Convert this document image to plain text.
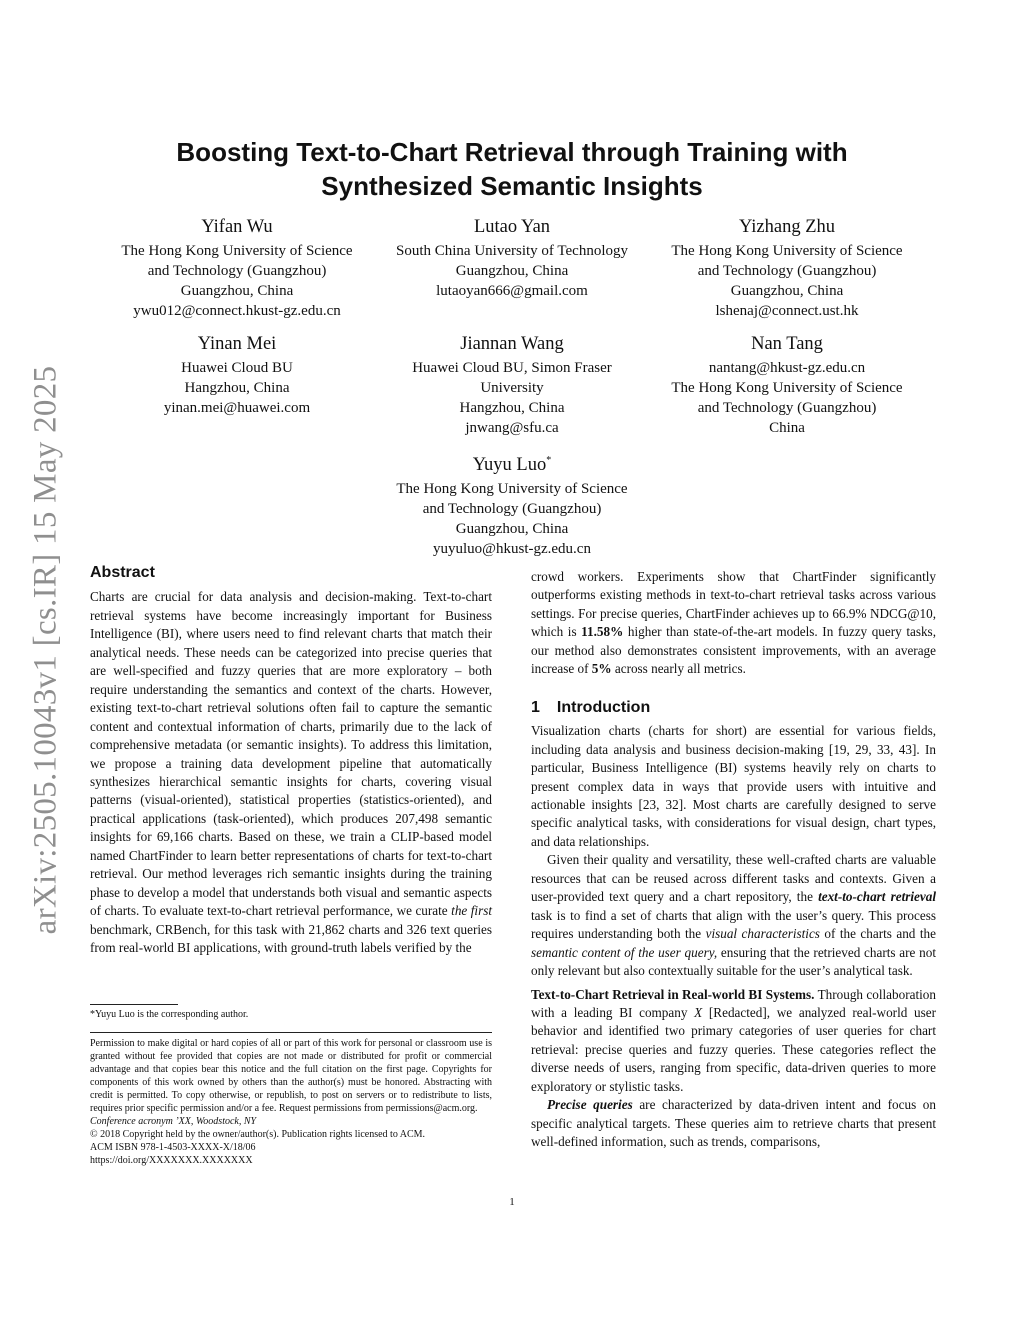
arXiv:2505.10043v1 [cs.IR] 15 May 2025
Boosting Text-to-Chart Retrieval through Training with Synthesized Semantic Insights
Yifan Wu
The Hong Kong University of Science
and Technology (Guangzhou)
Guangzhou, China
ywu012@connect.hkust-gz.edu.cn
Lutao Yan
South China University of Technology
Guangzhou, China
lutaoyan666@gmail.com
Yizhang Zhu
The Hong Kong University of Science
and Technology (Guangzhou)
Guangzhou, China
lshenaj@connect.ust.hk
Yinan Mei
Huawei Cloud BU
Hangzhou, China
yinan.mei@huawei.com
Jiannan Wang
Huawei Cloud BU, Simon Fraser
University
Hangzhou, China
jnwang@sfu.ca
Nan Tang
nantang@hkust-gz.edu.cn
The Hong Kong University of Science
and Technology (Guangzhou)
China
Yuyu Luo*
The Hong Kong University of Science
and Technology (Guangzhou)
Guangzhou, China
yuyuluo@hkust-gz.edu.cn
Abstract

Charts are crucial for data analysis and decision-making. Text-to-chart retrieval systems have become increasingly important for Business Intelligence (BI), where users need to find relevant charts that match their analytical needs. These needs can be categorized into precise queries that are well-specified and fuzzy queries that are more exploratory – both require understanding the semantics and context of the charts. However, existing text-to-chart retrieval solutions often fail to capture the semantic content and contextual information of charts, primarily due to the lack of comprehensive metadata (or semantic insights). To address this limitation, we propose a training data development pipeline that automatically synthesizes hierarchical semantic insights for charts, covering visual patterns (visual-oriented), statistical properties (statistics-oriented), and practical applications (task-oriented), which produces 207,498 semantic insights for 69,166 charts. Based on these, we train a CLIP-based model named ChartFinder to learn better representations of charts for text-to-chart retrieval. Our method leverages rich semantic insights during the training phase to develop a model that understands both visual and semantic aspects of charts. To evaluate text-to-chart retrieval performance, we curate the first benchmark, CRBench, for this task with 21,862 charts and 326 text queries from real-world BI applications, with ground-truth labels verified by the

*Yuyu Luo is the corresponding author.
Permission to make digital or hard copies of all or part of this work for personal or classroom use is granted without fee provided that copies are not made or distributed for profit or commercial advantage and that copies bear this notice and the full citation on the first page. Copyrights for components of this work owned by others than the author(s) must be honored. Abstracting with credit is permitted. To copy otherwise, or republish, to post on servers or to redistribute to lists, requires prior specific permission and/or a fee. Request permissions from permissions@acm.org.
Conference acronym ’XX, Woodstock, NY
© 2018 Copyright held by the owner/author(s). Publication rights licensed to ACM.
ACM ISBN 978-1-4503-XXXX-X/18/06
https://doi.org/XXXXXXX.XXXXXXX

crowd workers. Experiments show that ChartFinder significantly outperforms existing methods in text-to-chart retrieval tasks across various settings. For precise queries, ChartFinder achieves up to 66.9% NDCG@10, which is 11.58% higher than state-of-the-art models. In fuzzy query tasks, our method also demonstrates consistent improvements, with an average increase of 5% across nearly all metrics.

1 Introduction

Visualization charts (charts for short) are essential for various fields, including data analysis and business decision-making [19, 29, 33, 43]. In particular, Business Intelligence (BI) systems heavily rely on charts to present complex data in ways that provide users with intuitive and actionable insights [23, 32]. Most charts are carefully designed to serve specific analytical tasks, with considerations for visual design, chart types, and data relationships.

Given their quality and versatility, these well-crafted charts are valuable resources that can be reused across different tasks and contexts. Given a user-provided text query and a chart repository, the text-to-chart retrieval task is to find a set of charts that align with the user’s query. This process requires understanding both the visual characteristics of the charts and the semantic content of the user query, ensuring that the retrieved charts are not only relevant but also contextually suitable for the user’s analytical task.

Text-to-Chart Retrieval in Real-world BI Systems. Through collaboration with a leading BI company X [Redacted], we analyzed real-world user behavior and identified two primary categories of user queries for chart retrieval: precise queries and fuzzy queries. These categories reflect the diverse needs of users, ranging from specific, data-driven queries to more exploratory or stylistic tasks.

Precise queries are characterized by data-driven intent and focus on specific analytical targets. These queries aim to retrieve charts that present well-defined information, such as trends, comparisons,

1
